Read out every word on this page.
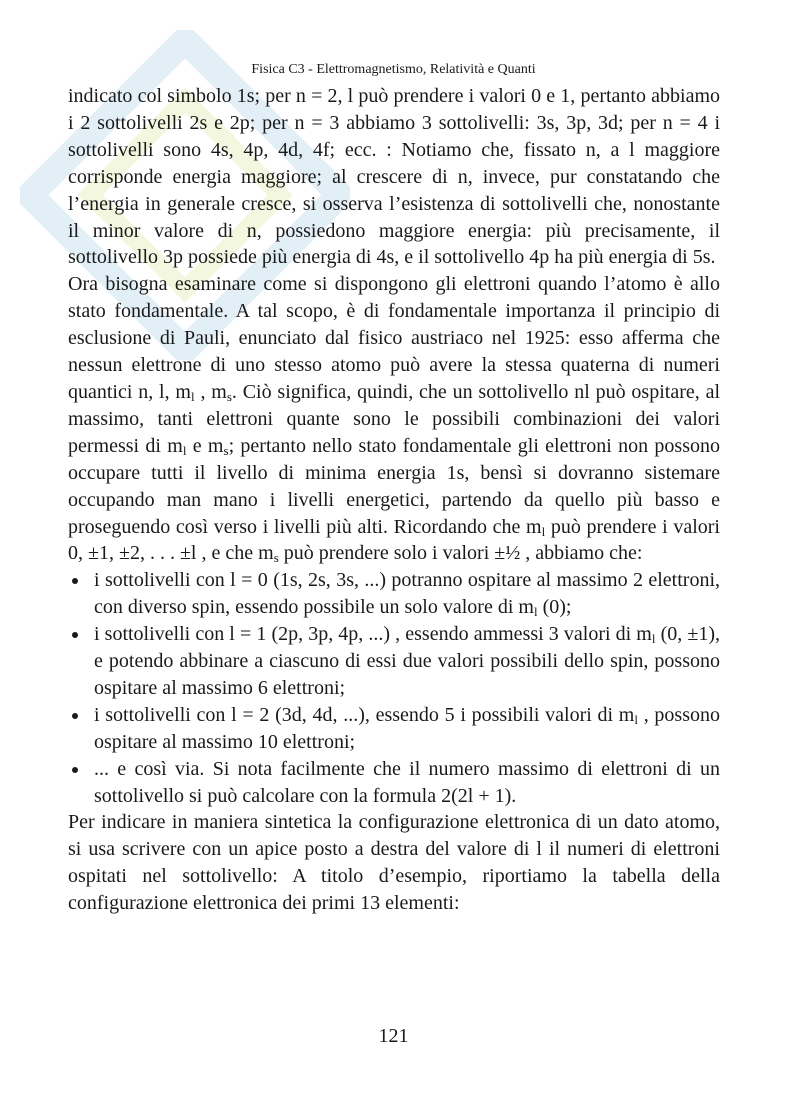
Fisica C3 - Elettromagnetismo, Relatività e Quanti

indicato col simbolo 1s; per n = 2, l può prendere i valori 0 e 1, pertanto abbiamo i 2 sottolivelli 2s e 2p; per n = 3 abbiamo 3 sottolivelli: 3s, 3p, 3d; per n = 4 i sottolivelli sono 4s, 4p, 4d, 4f; ecc. : Notiamo che, fissato n, a l maggiore corrisponde energia maggiore; al crescere di n, invece, pur constatando che l’energia in generale cresce, si osserva l’esistenza di sottolivelli che, nonostante il minor valore di n, possiedono maggiore energia: più precisamente, il sottolivello 3p possiede più energia di 4s, e il sottolivello 4p ha più energia di 5s.

Ora bisogna esaminare come si dispongono gli elettroni quando l’atomo è allo stato fondamentale. A tal scopo, è di fondamentale importanza il principio di esclusione di Pauli, enunciato dal fisico austriaco nel 1925: esso afferma che nessun elettrone di uno stesso atomo può avere la stessa quaterna di numeri quantici n, l, $m_l$ , $m_s$. Ciò significa, quindi, che un sottolivello nl può ospitare, al massimo, tanti elettroni quante sono le possibili combinazioni dei valori permessi di $m_l$ e $m_s$; pertanto nello stato fondamentale gli elettroni non possono occupare tutti il livello di minima energia 1s, bensì si dovranno sistemare occupando man mano i livelli energetici, partendo da quello più basso e proseguendo così verso i livelli più alti. Ricordando che $m_l$ può prendere i valori 0, ±1, ±2, . . . ±l , e che $m_s$ può prendere solo i valori ±½ , abbiamo che:

i sottolivelli con l = 0 (1s, 2s, 3s, ...) potranno ospitare al massimo 2 elettroni, con diverso spin, essendo possibile un solo valore di $m_l$ (0);
i sottolivelli con l = 1 (2p, 3p, 4p, ...) , essendo ammessi 3 valori di $m_l$ (0, ±1), e potendo abbinare a ciascuno di essi due valori possibili dello spin, possono ospitare al massimo 6 elettroni;
i sottolivelli con l = 2 (3d, 4d, ...), essendo 5 i possibili valori di $m_l$ , possono ospitare al massimo 10 elettroni;
... e così via. Si nota facilmente che il numero massimo di elettroni di un sottolivello si può calcolare con la formula 2(2l + 1).

Per indicare in maniera sintetica la configurazione elettronica di un dato atomo, si usa scrivere con un apice posto a destra del valore di l il numeri di elettroni ospitati nel sottolivello: A titolo d’esempio, riportiamo la tabella della configurazione elettronica dei primi 13 elementi:

121
